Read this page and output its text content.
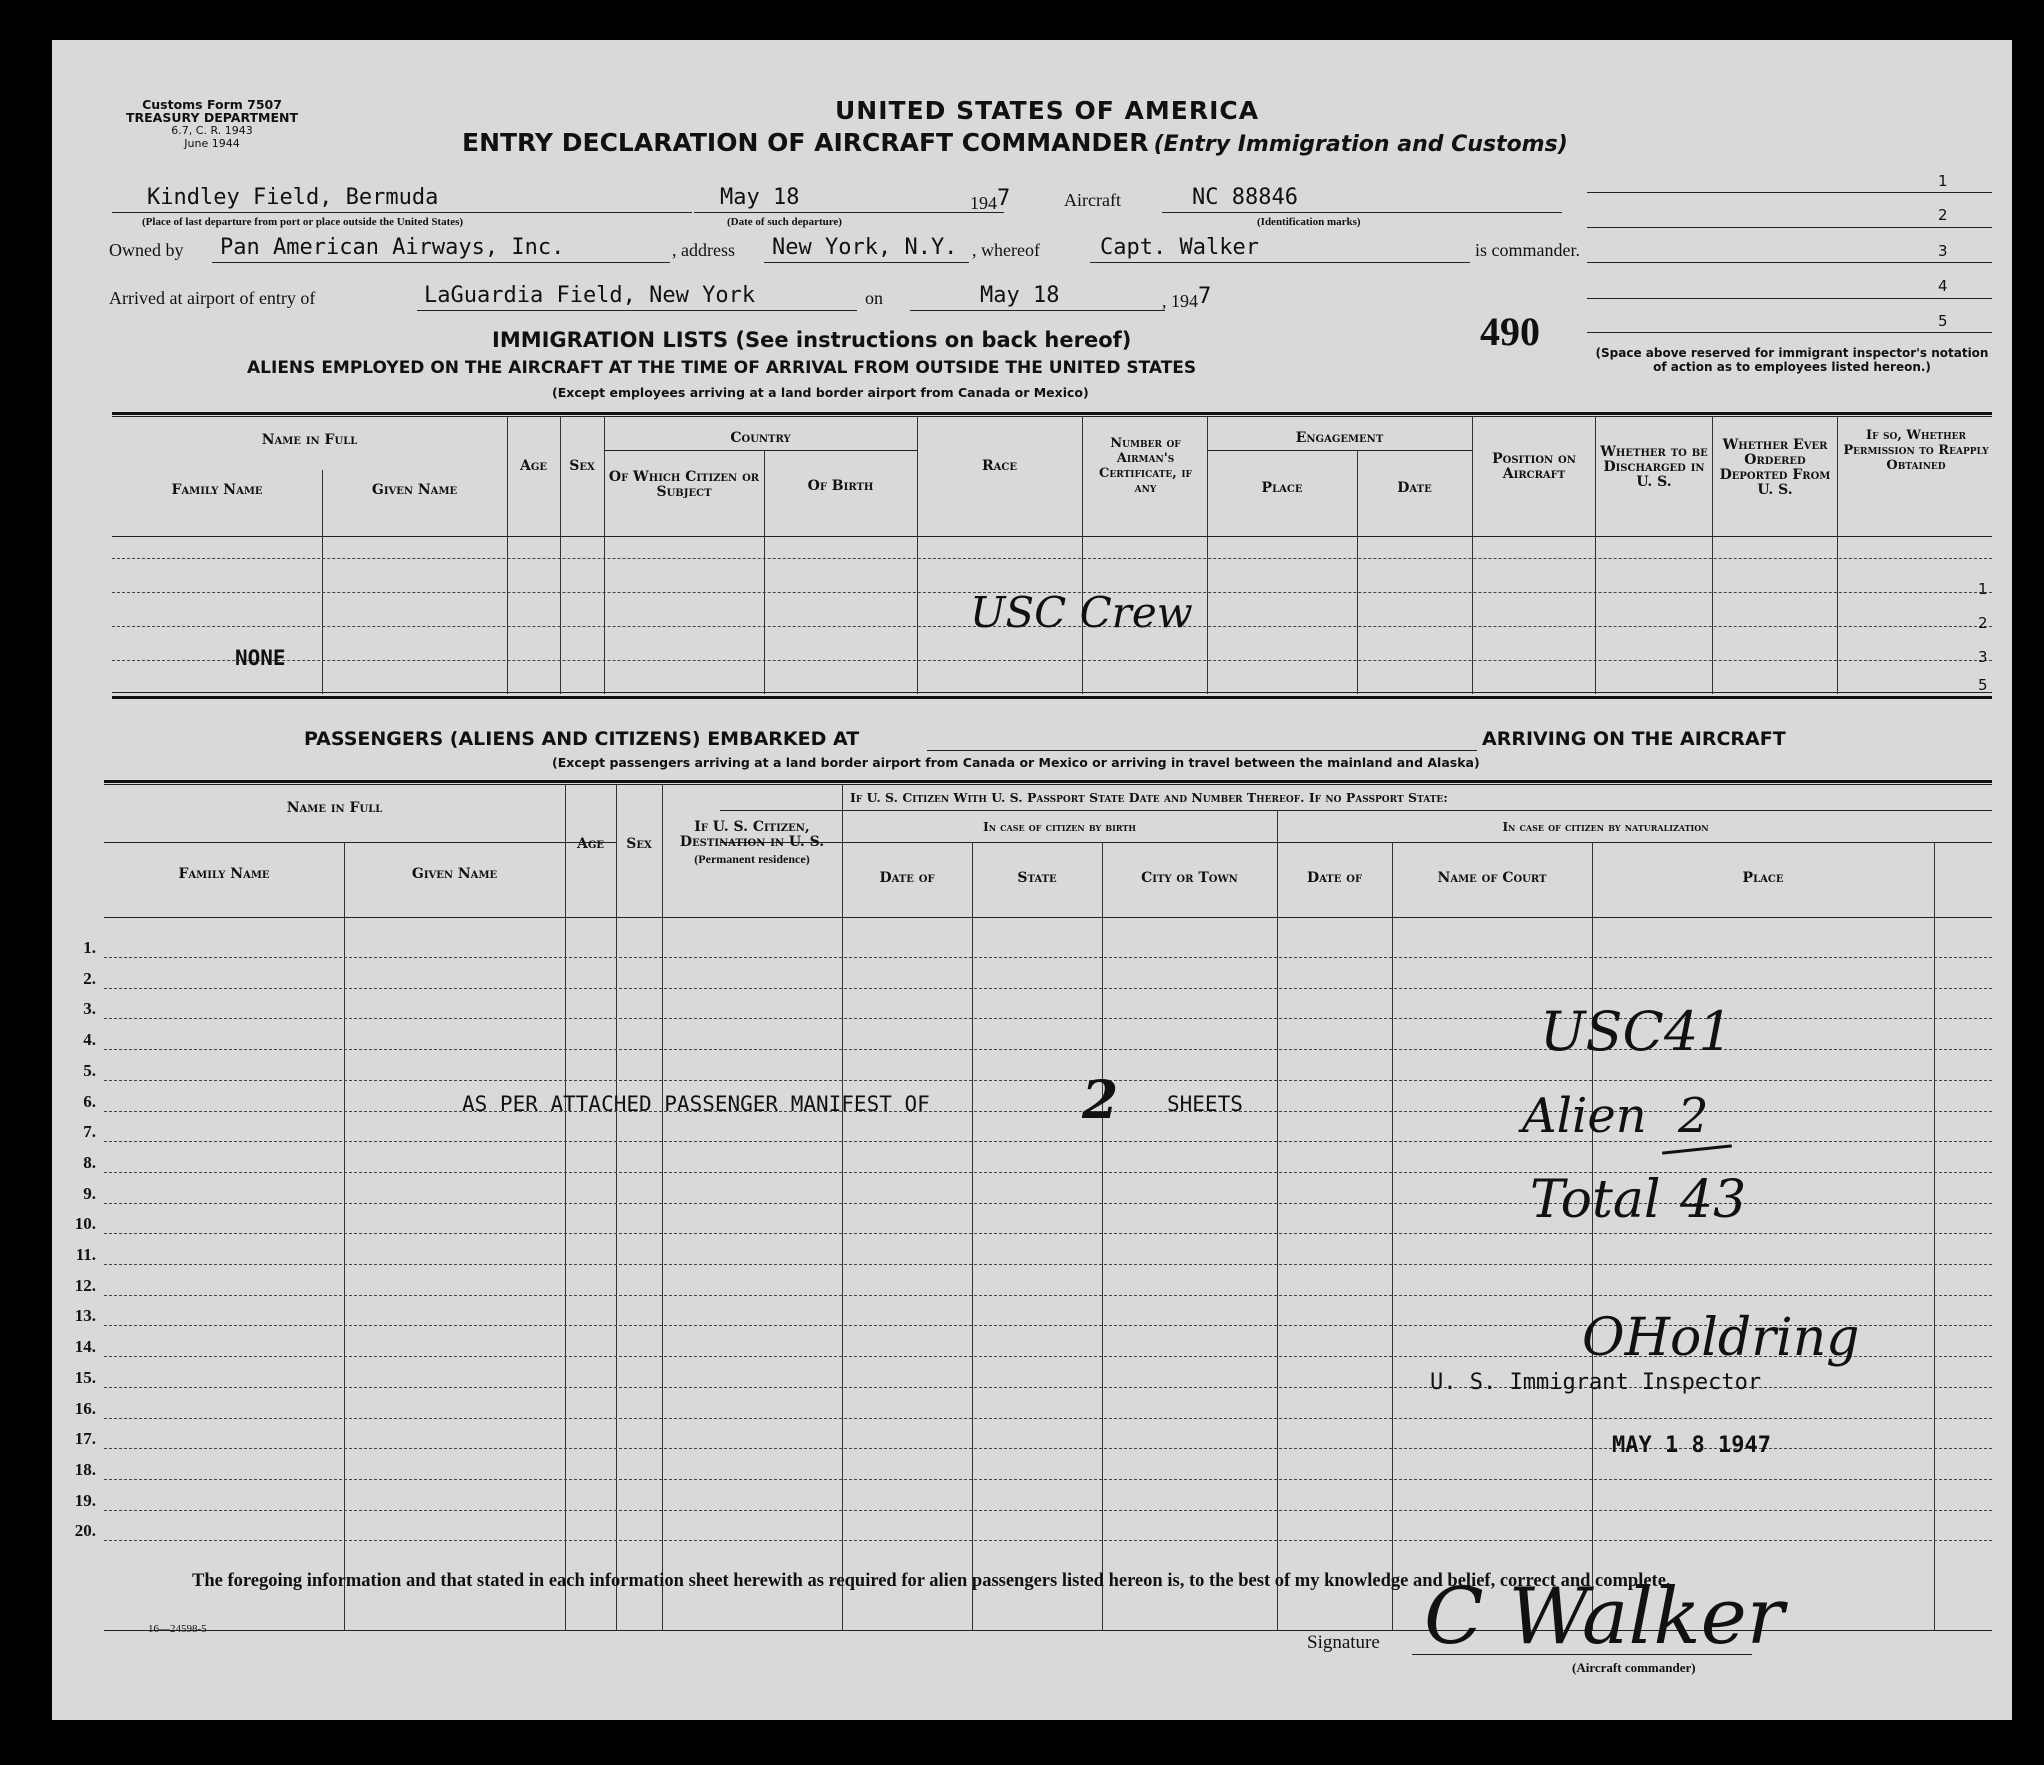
Customs Form 7507
TREASURY DEPARTMENT
6.7, C. R. 1943
June 1944
UNITED STATES OF AMERICA
ENTRY DECLARATION OF AIRCRAFT COMMANDER (Entry Immigration and Customs)
1
2
3
4
5
(Space above reserved for immigrant inspector's notation of action as to employees listed hereon.)
Kindley Field, Bermuda
(Place of last departure from port or place outside the United States)
May 18
(Date of such departure)
1947	Aircraft	NC 88846
(Identification marks)
Owned by Pan American Airways, Inc.	, address New York, N.Y. , whereof	Capt. Walker	is commander.
Arrived at airport of entry of	LaGuardia Field, New York	on	May 18	, 1947
490
IMMIGRATION LISTS (See instructions on back hereof)
ALIENS EMPLOYED ON THE AIRCRAFT AT THE TIME OF ARRIVAL FROM OUTSIDE THE UNITED STATES
(Except employees arriving at a land border airport from Canada or Mexico)
Name in Full
Family Name	Given Name
Age	Sex
Country
Of Which Citizen or Subject	Of Birth
Race
Number of Airman's Certificate, if any
Engagement
Place	Date
Position on Aircraft
Whether to be Discharged in U. S.
Whether Ever Ordered Deported From U. S.
If so, Whether Permission to Reapply Obtained
1
2
3
5
NONE
USC Crew
PASSENGERS (ALIENS AND CITIZENS) EMBARKED AT	ARRIVING ON THE AIRCRAFT
(Except passengers arriving at a land border airport from Canada or Mexico or arriving in travel between the mainland and Alaska)
Name in Full
Family Name	Given Name
Age	Sex
If U. S. Citizen, Destination in U. S.
(Permanent residence)
If U. S. Citizen With U. S. Passport State Date and Number Thereof. If no Passport State:
In case of citizen by birth	In case of citizen by naturalization
Date of	State	City or Town	Date of	Name of Court	Place
1.
2.
3.
4.
5.
6.
7.
8.
9.
10.
11.
12.
13.
14.
15.
16.
17.
18.
19.
20.
AS PER ATTACHED PASSENGER MANIFEST OF	2 SHEETS
USC 41
Alien 2
Total 43
OHoldring
U. S. Immigrant Inspector
MAY 1 8 1947
The foregoing information and that stated in each information sheet herewith as required for alien passengers listed hereon is, to the best of my knowledge and belief, correct and complete.
16—24598-5
Signature C Walker
(Aircraft commander)
